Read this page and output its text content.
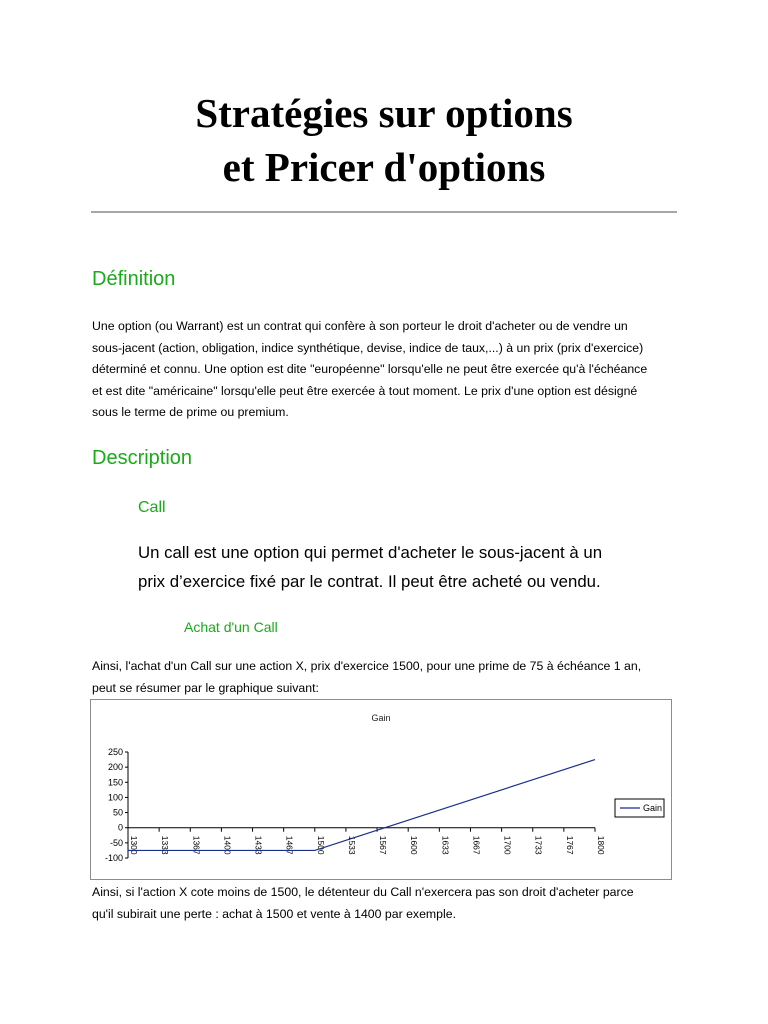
Stratégies sur options
et Pricer d'options
Définition
Une option (ou Warrant) est un contrat qui confère à son porteur le droit d'acheter ou de vendre un
sous-jacent (action, obligation, indice synthétique, devise, indice de taux,...) à un prix (prix d'exercice)
déterminé et connu. Une option est dite "européenne" lorsqu'elle ne peut être exercée qu'à l'échéance
et est dite "américaine" lorsqu'elle peut être exercée à tout moment. Le prix d'une option est désigné
sous le terme de prime ou premium.
Description
Call
Un call est une option qui permet d'acheter le sous-jacent à un
prix d’exercice fixé par le contrat. Il peut être acheté ou vendu.
Achat d'un Call
Ainsi, l'achat d'un Call sur une action X, prix d'exercice 1500, pour une prime de 75 à échéance 1 an,
peut se résumer par le graphique suivant:
Gain
-100
-50
0
50
100
150
200
250
1300 1333 1367 1400 1433 1467 1500 1533 1567 1600 1633 1667 1700 1733 1767 1800
Gain
Ainsi, si l'action X cote moins de 1500, le détenteur du Call n'exercera pas son droit d'acheter parce
qu'il subirait une perte : achat à 1500 et vente à 1400 par exemple.
